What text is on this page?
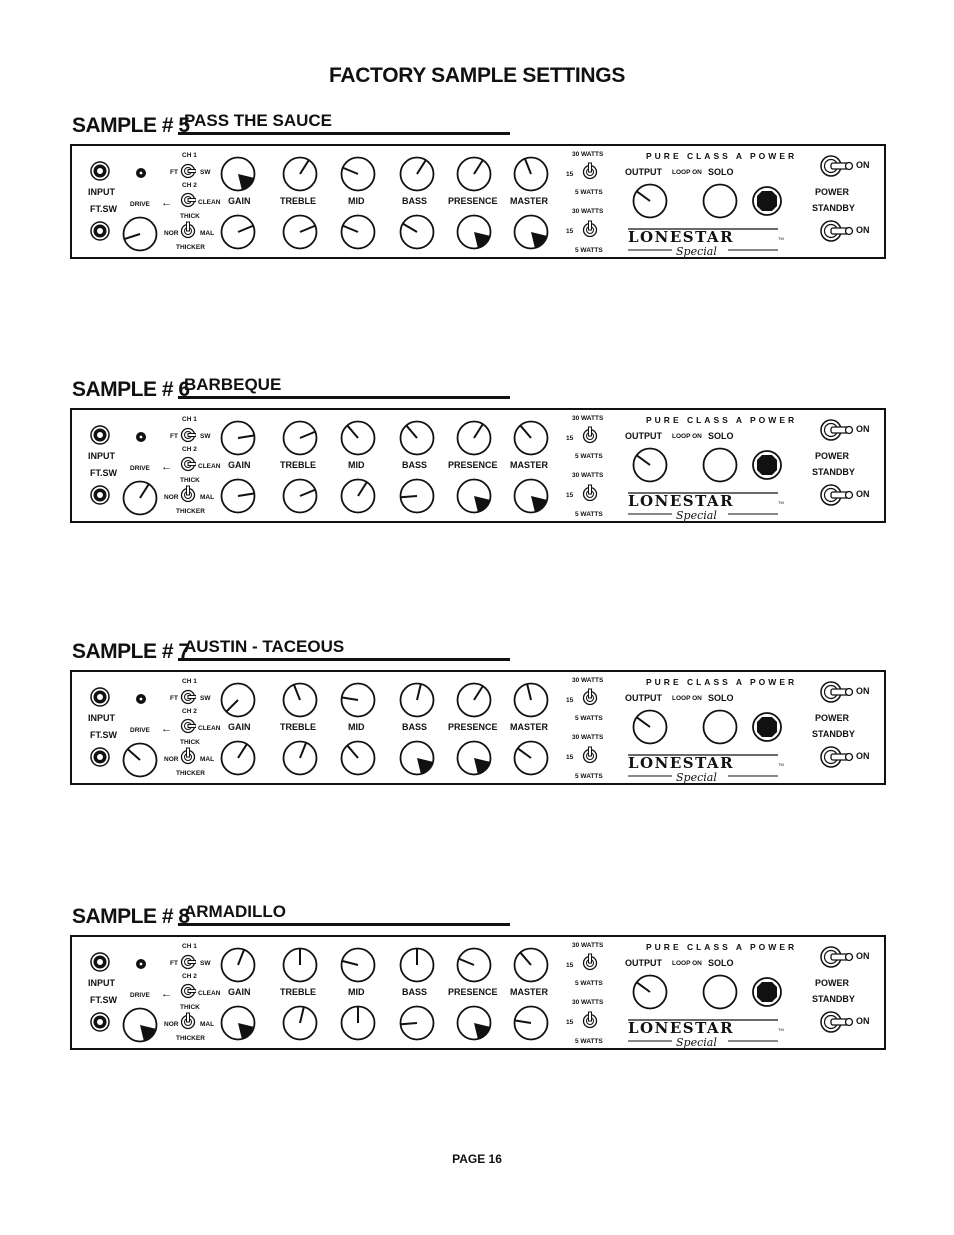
FACTORY SAMPLE SETTINGS
SAMPLE # 5
PASS THE SAUCE
INPUT
FT.SW DRIVE ←
CH 1
FT	SW
CH 2
CLEAN
THICK
NOR	MAL
THICKER
GAIN	TREBLE	MID	BASS PRESENCE MASTER
30 WATTS
15
5 WATTS
30 WATTS
15
5 WATTS
PURE CLASS A POWER
OUTPUT LOOP ON SOLO
LONESTAR
Special
TM
ON
POWER
STANDBY
ON
SAMPLE # 6
BARBEQUE
INPUT
FT.SW DRIVE ←
CH 1
FT	SW
CH 2
CLEAN
THICK
NOR	MAL
THICKER
GAIN	TREBLE	MID	BASS PRESENCE MASTER
30 WATTS
15
5 WATTS
30 WATTS
15
5 WATTS
PURE CLASS A POWER
OUTPUT LOOP ON SOLO
LONESTAR
Special
TM
ON
POWER
STANDBY
ON
SAMPLE # 7
AUSTIN - TACEOUS
INPUT
FT.SW DRIVE ←
CH 1
FT	SW
CH 2
CLEAN
THICK
NOR	MAL
THICKER
GAIN	TREBLE	MID	BASS PRESENCE MASTER
30 WATTS
15
5 WATTS
30 WATTS
15
5 WATTS
PURE CLASS A POWER
OUTPUT LOOP ON SOLO
LONESTAR
Special
TM
ON
POWER
STANDBY
ON
SAMPLE # 8
ARMADILLO
INPUT
FT.SW DRIVE ←
CH 1
FT	SW
CH 2
CLEAN
THICK
NOR	MAL
THICKER
GAIN	TREBLE	MID	BASS PRESENCE MASTER
30 WATTS
15
5 WATTS
30 WATTS
15
5 WATTS
PURE CLASS A POWER
OUTPUT LOOP ON SOLO
LONESTAR
Special
TM
ON
POWER
STANDBY
ON
PAGE 16
